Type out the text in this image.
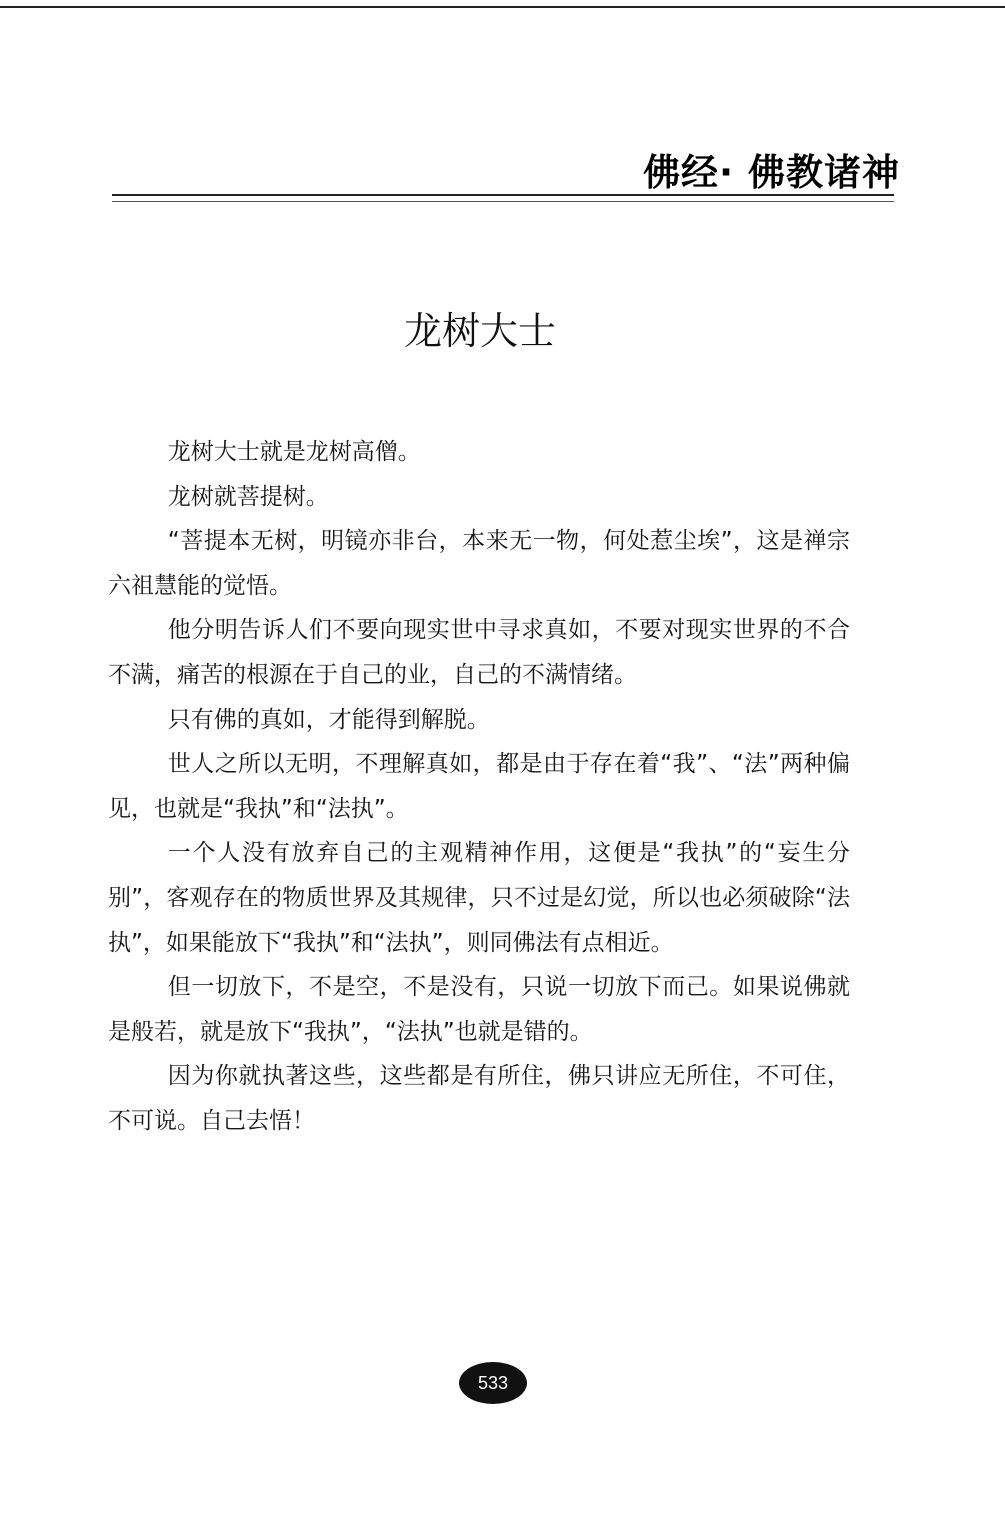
佛经· 佛教诸神
龙树大士

龙树大士就是龙树高僧。

龙树就菩提树。

“菩提本无树，明镜亦非台，本来无一物，何处惹尘埃”，这是禅宗六祖慧能的觉悟。

他分明告诉人们不要向现实世中寻求真如，不要对现实世界的不合不满，痛苦的根源在于自己的业，自己的不满情绪。

只有佛的真如，才能得到解脱。

世人之所以无明，不理解真如，都是由于存在着“我”、“法”两种偏见，也就是“我执”和“法执”。

一个人没有放弃自己的主观精神作用，这便是“我执”的“妄生分别”，客观存在的物质世界及其规律，只不过是幻觉，所以也必须破除“法执”，如果能放下“我执”和“法执”，则同佛法有点相近。

但一切放下，不是空，不是没有，只说一切放下而己。如果说佛就是般若，就是放下“我执”，“法执”也就是错的。

因为你就执著这些，这些都是有所住，佛只讲应无所住，不可住，不可说。自己去悟！

533
